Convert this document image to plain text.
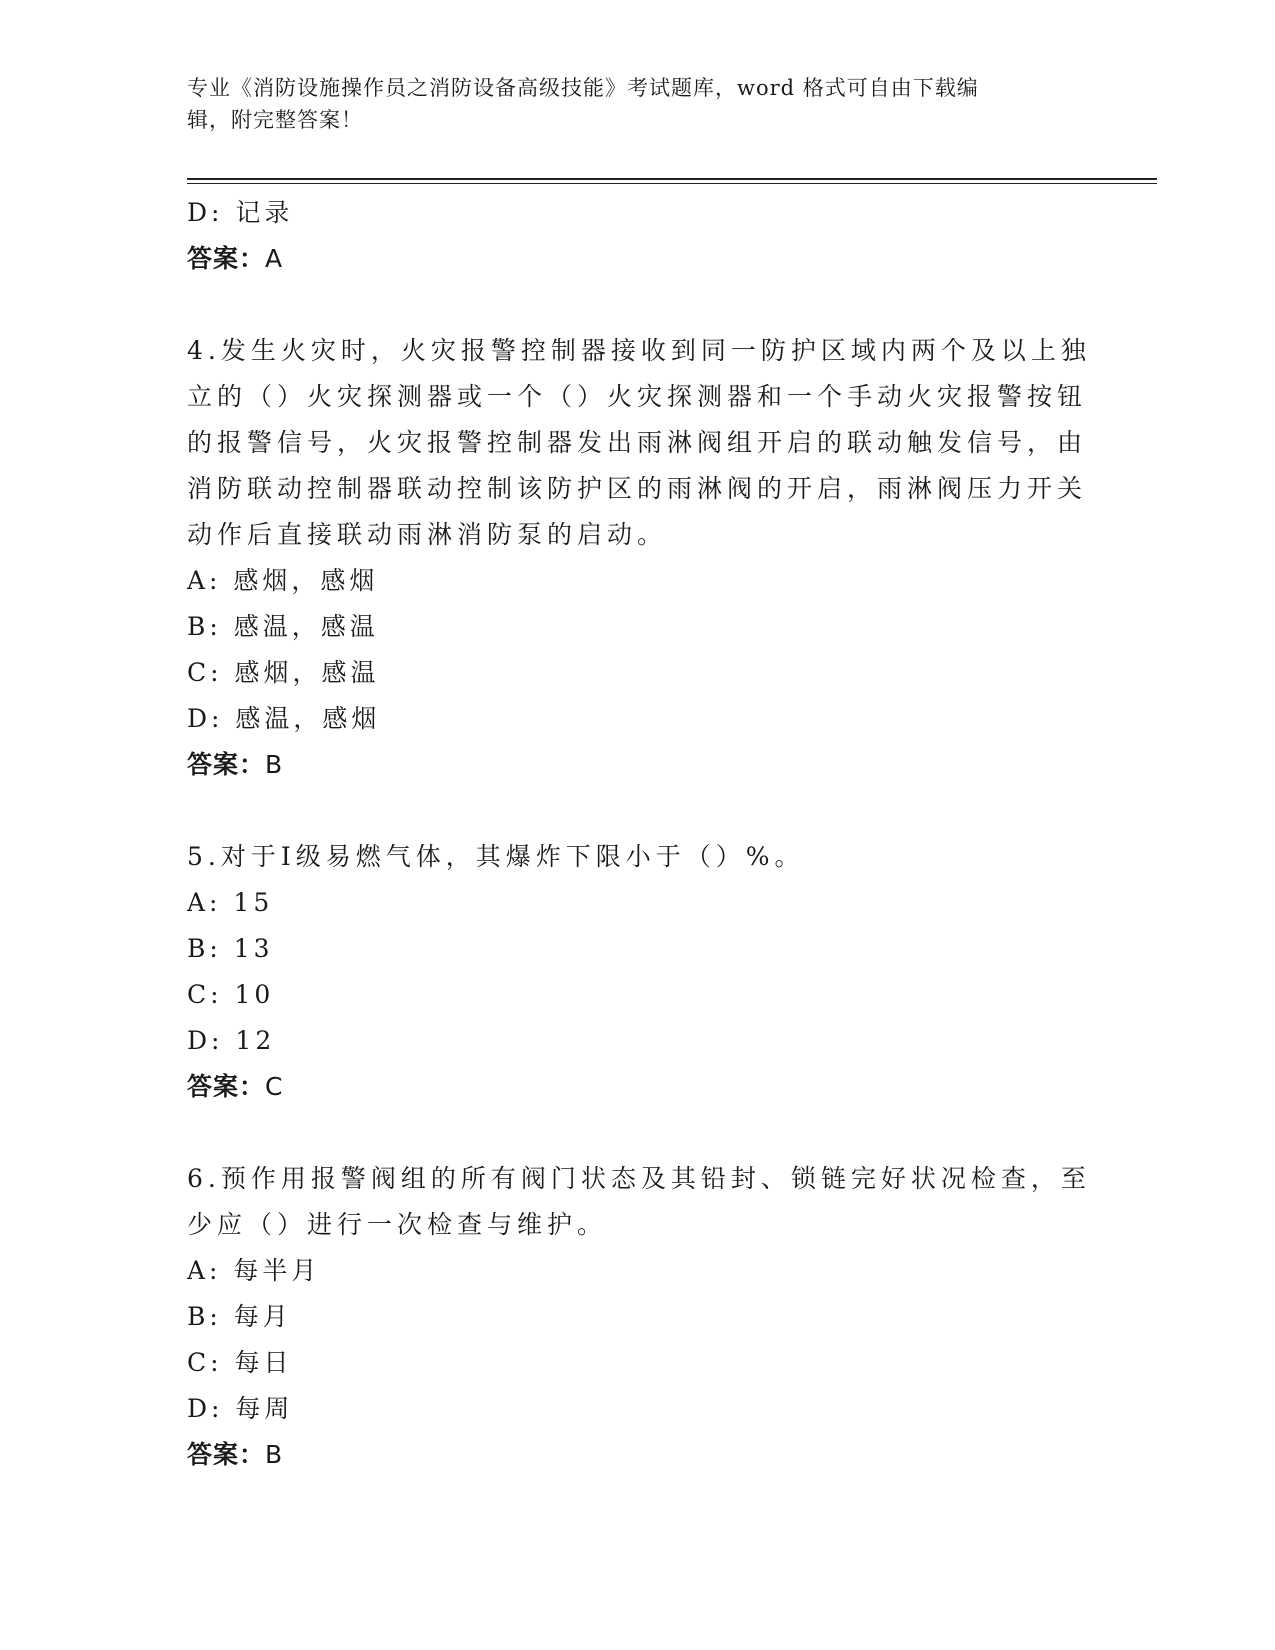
专业《消防设施操作员之消防设备高级技能》考试题库，word 格式可自由下载编
辑，附完整答案！
D: 记录
答案：A
4.发生火灾时，火灾报警控制器接收到同一防护区域内两个及以上独
立的（）火灾探测器或一个（）火灾探测器和一个手动火灾报警按钮
的报警信号，火灾报警控制器发出雨淋阀组开启的联动触发信号，由
消防联动控制器联动控制该防护区的雨淋阀的开启，雨淋阀压力开关
动作后直接联动雨淋消防泵的启动。
A: 感烟，感烟
B: 感温，感温
C: 感烟，感温
D: 感温，感烟
答案：B
5.对于Ⅰ级易燃气体，其爆炸下限小于（）%。
A: 15
B: 13
C: 10
D: 12
答案：C
6.预作用报警阀组的所有阀门状态及其铅封、锁链完好状况检查，至
少应（）进行一次检查与维护。
A: 每半月
B: 每月
C: 每日
D: 每周
答案：B
